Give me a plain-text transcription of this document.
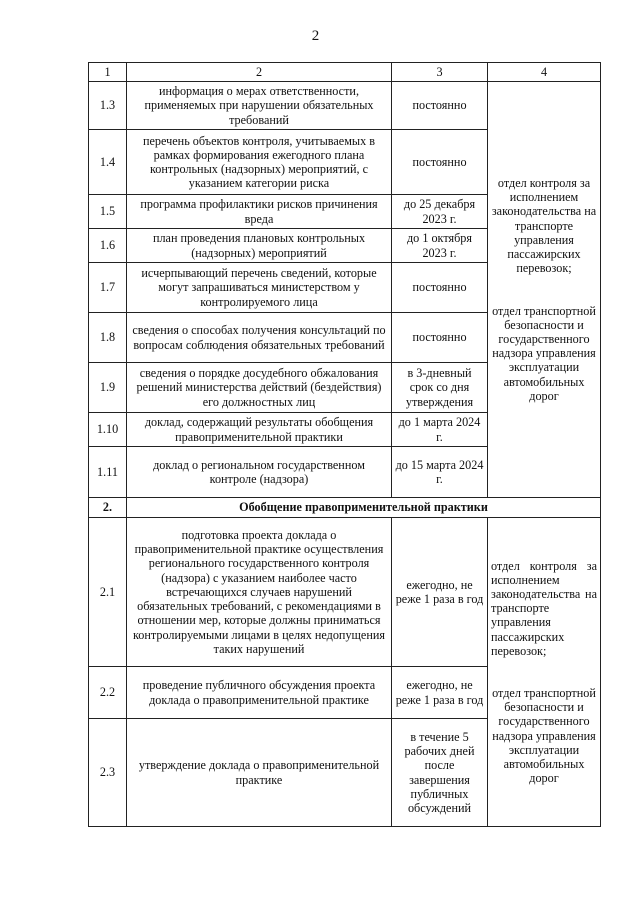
2
1	2	3	4
1.3	информация о мерах ответственности, применяемых при нарушении обязательных требований	постоянно	отдел контроля за исполнением законодательства на транспорте управления пассажирских перевозок;
отдел транспортной безопасности и государственного надзора управления эксплуатации автомобильных дорог

1.4	перечень объектов контроля, учитываемых в рамках формирования ежегодного плана контрольных (надзорных) мероприятий, с указанием категории риска	постоянно	
1.5	программа профилактики рисков причинения вреда	до 25 декабря 2023 г.	
1.6	план проведения плановых контрольных (надзорных) мероприятий	до 1 октября 2023 г.	
1.7	исчерпывающий перечень сведений, которые могут запрашиваться министерством у контролируемого лица	постоянно	
1.8	сведения о способах получения консультаций по вопросам соблюдения обязательных требований	постоянно	
1.9	сведения о порядке досудебного обжалования решений министерства действий (бездействия) его должностных лиц	в 3-дневный срок со дня утверждения	
1.10	доклад, содержащий результаты обобщения правоприменительной практики	до 1 марта 2024 г.	
1.11	доклад о региональном государственном контроле (надзора)	до 15 марта 2024 г.	
2.	Обобщение правоприменительной практики		
2.1	подготовка проекта доклада о правоприменительной практике осуществления регионального государственного контроля (надзора) с указанием наиболее часто встречающихся случаев нарушений обязательных требований, с рекомендациями в отношении мер, которые должны приниматься контролируемыми лицами в целях недопущения таких нарушений	ежегодно, не реже 1 раза в год	отдел контроля за исполнением законодательства на транспорте управления пассажирских перевозок;
отдел транспортной безопасности и государственного надзора управления эксплуатации автомобильных дорог

2.2	проведение публичного обсуждения проекта доклада о правоприменительной практике	ежегодно, не реже 1 раза в год	
2.3	утверждение доклада о правоприменительной практике	в течение 5 рабочих дней после завершения публичных обсуждений	
